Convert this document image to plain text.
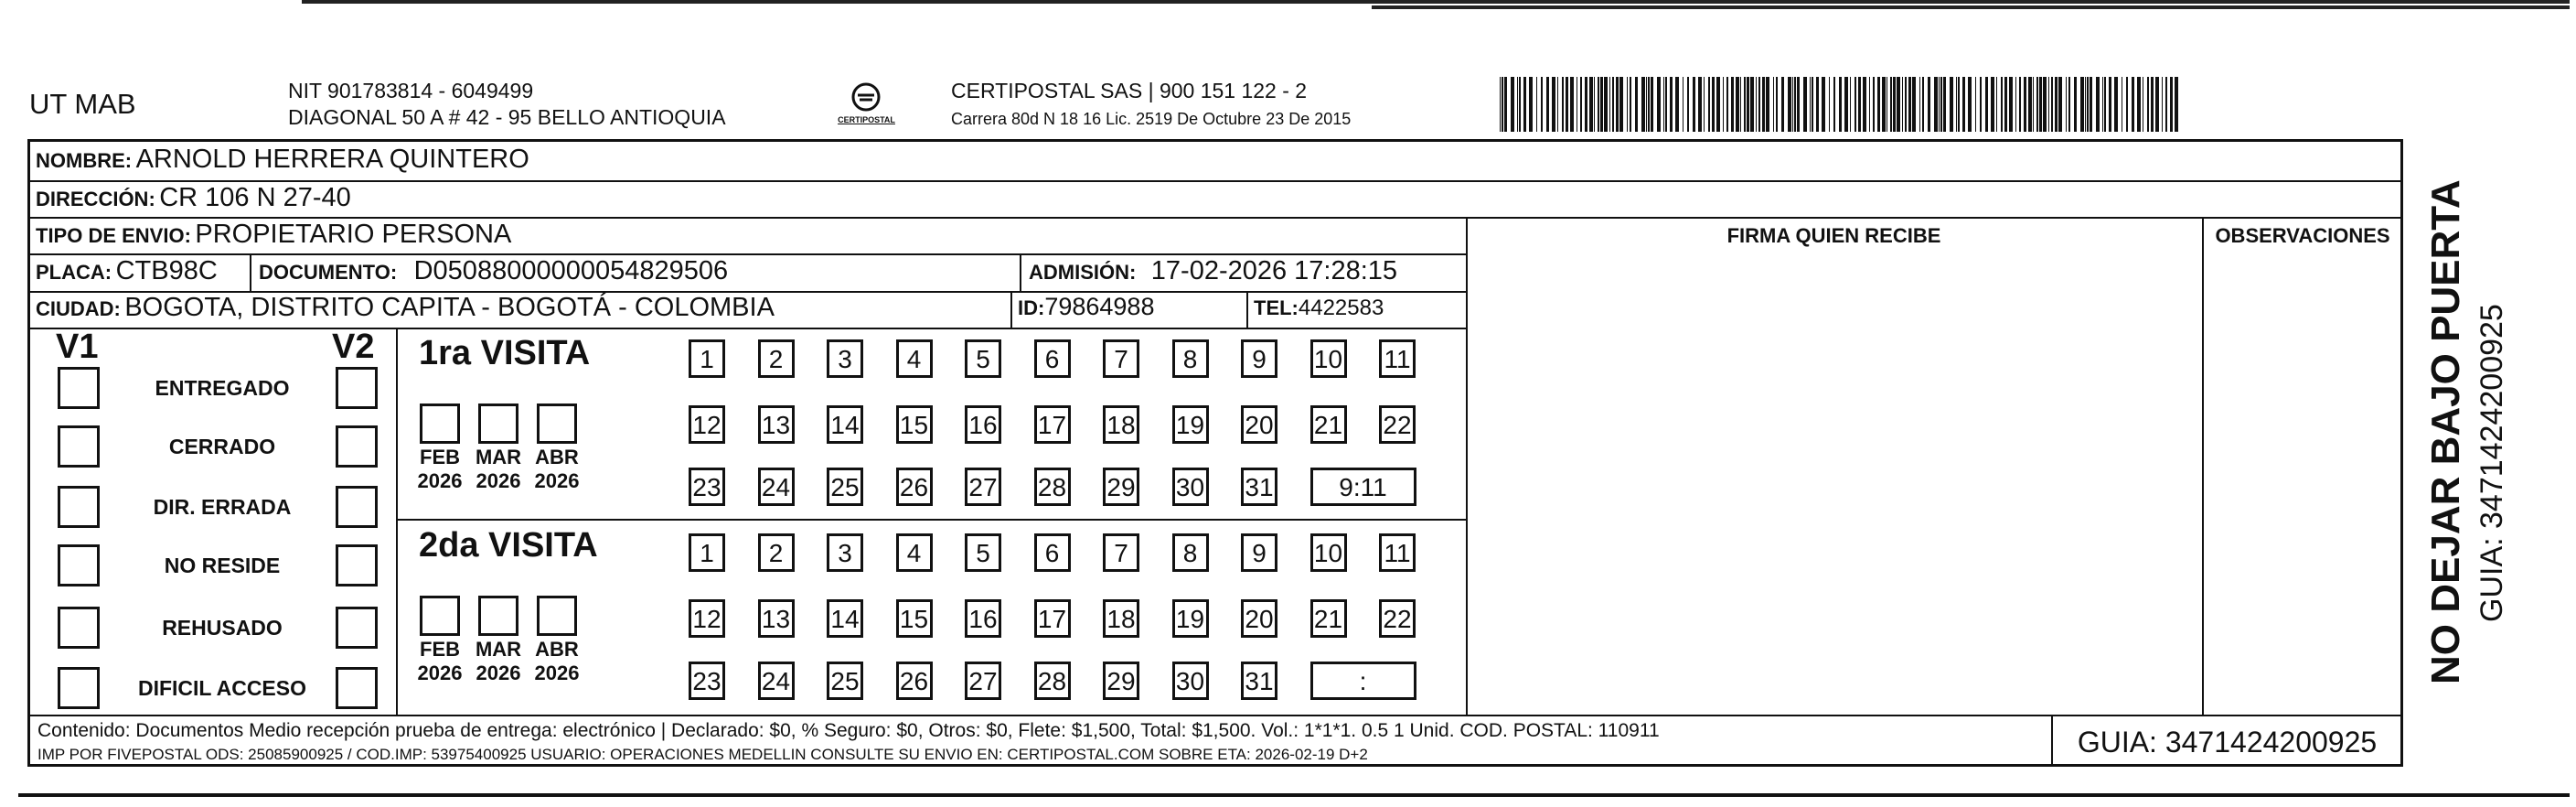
UT MAB	NIT 901783814 - 6049499
DIAGONAL 50 A # 42 - 95 BELLO ANTIOQUIA	CERTIPOSTAL
CERTIPOSTAL SAS | 900 151 122 - 2
Carrera 80d N 18 16 Lic. 2519 De Octubre 23 De 2015
NOMBRE: ARNOLD HERRERA QUINTERO
DIRECCIÓN: CR 106 N 27-40
TIPO DE ENVIO: PROPIETARIO PERSONA	FIRMA QUIEN RECIBE	OBSERVACIONES
PLACA: CTB98C DOCUMENTO: D05088000000054829506	ADMISIÓN: 17-02-2026 17:28:15
CIUDAD: BOGOTA, DISTRITO CAPITA - BOGOTÁ - COLOMBIA	ID:79864988	TEL:4422583
V1	V2
ENTREGADO
CERRADO
DIR. ERRADA
NO RESIDE
REHUSADO
DIFICIL ACCESO
1ra VISITA
2da VISITA
FEB
2026
MAR
2026
ABR
2026
FEB
2026
MAR
2026
ABR
2026
1	2	3	4	5	6	7	8	9	10 11
12 13 14 15 16 17 18 19 20 21 22
23 24 25 26 27 28 29 30 31	9:11
1	2	3	4	5	6	7	8	9	10 11
12 13 14 15 16 17 18 19 20 21 22
23 24 25 26 27 28 29 30 31	:
Contenido: Documentos Medio recepción prueba de entrega: electrónico | Declarado: $0, % Seguro: $0, Otros: $0, Flete: $1,500, Total: $1,500. Vol.: 1*1*1. 0.5 1 Unid. COD. POSTAL: 110911
IMP POR FIVEPOSTAL ODS: 25085900925 / COD.IMP: 53975400925 USUARIO: OPERACIONES MEDELLIN CONSULTE SU ENVIO EN: CERTIPOSTAL.COM SOBRE ETA: 2026-02-19 D+2	GUIA: 3471424200925
NO DEJAR BAJO PUERTA GUIA: 3471424200925
